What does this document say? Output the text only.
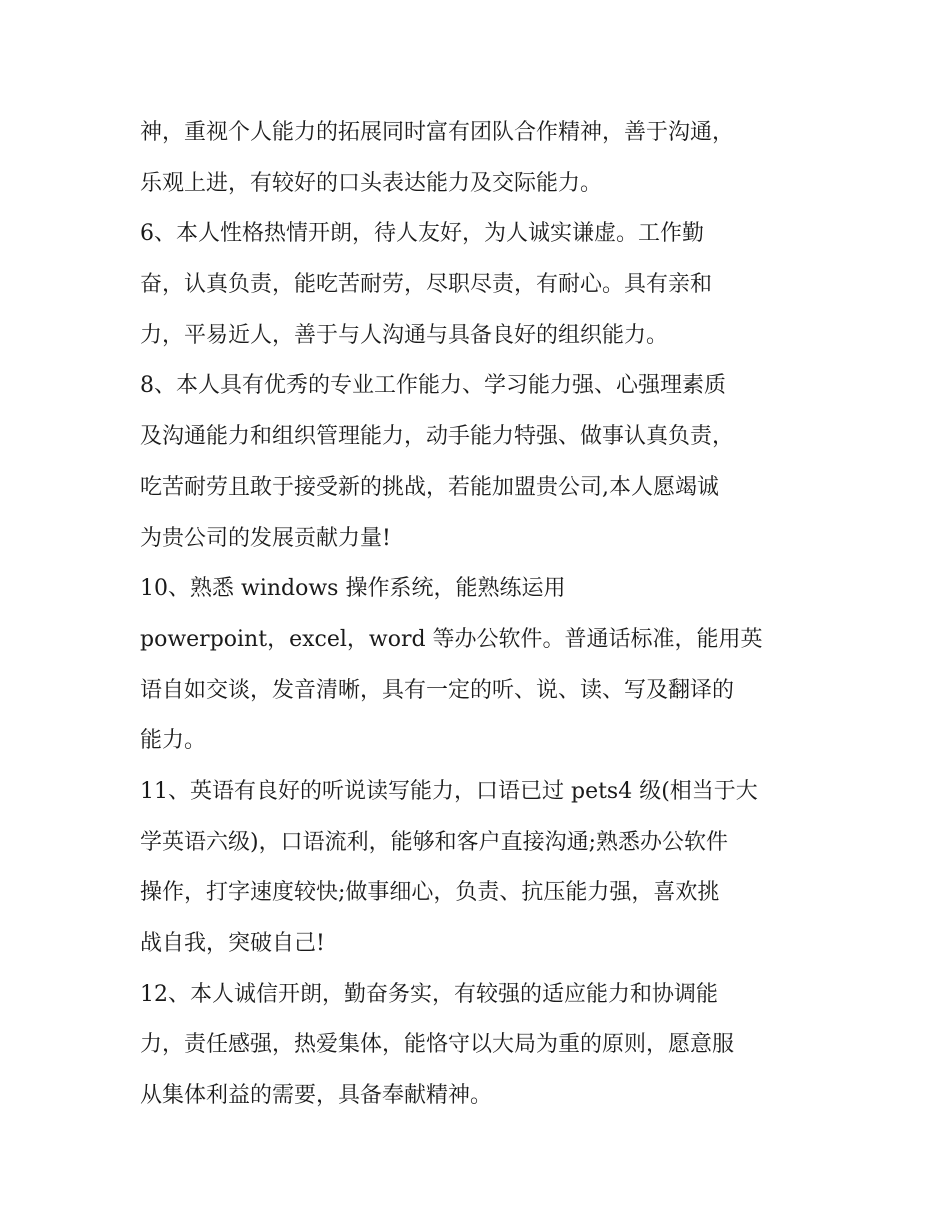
神，重视个人能力的拓展同时富有团队合作精神，善于沟通，
乐观上进，有较好的口头表达能力及交际能力。
6、本人性格热情开朗，待人友好，为人诚实谦虚。工作勤
奋，认真负责，能吃苦耐劳，尽职尽责，有耐心。具有亲和
力，平易近人，善于与人沟通与具备良好的组织能力。
8、本人具有优秀的专业工作能力、学习能力强、心强理素质
及沟通能力和组织管理能力，动手能力特强、做事认真负责，
吃苦耐劳且敢于接受新的挑战，若能加盟贵公司,本人愿竭诚
为贵公司的发展贡献力量!
10、熟悉 windows 操作系统，能熟练运用
powerpoint，excel，word 等办公软件。普通话标准，能用英
语自如交谈，发音清晰，具有一定的听、说、读、写及翻译的
能力。
11、英语有良好的听说读写能力，口语已过 pets4 级(相当于大
学英语六级)，口语流利，能够和客户直接沟通;熟悉办公软件
操作，打字速度较快;做事细心，负责、抗压能力强，喜欢挑
战自我，突破自己!
12、本人诚信开朗，勤奋务实，有较强的适应能力和协调能
力，责任感强，热爱集体，能恪守以大局为重的原则，愿意服
从集体利益的需要，具备奉献精神。
